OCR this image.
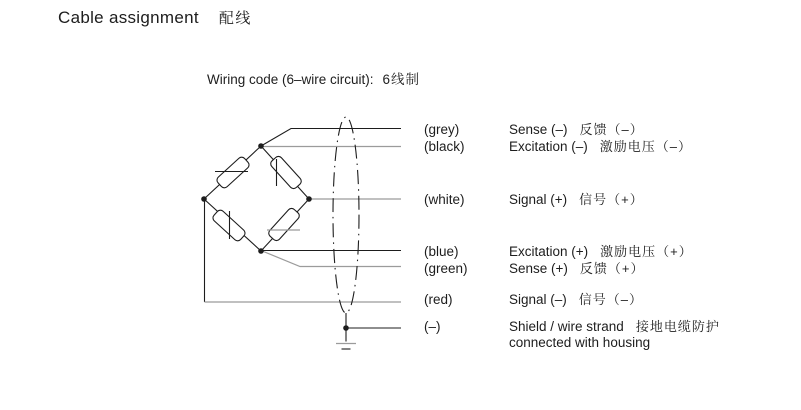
Cable assignment 配线
Wiring code (6–wire circuit): 6线制
(grey)	Sense (–) 反馈（–）
(black)	Excitation (–) 激励电压（–）
(white)	Signal (+) 信号（+）
(blue)	Excitation (+) 激励电压（+）
(green)	Sense (+) 反馈（+）
(red)	Signal (–) 信号（–）
(–)	Shield / wire strand 接地电缆防护
connected with housing
